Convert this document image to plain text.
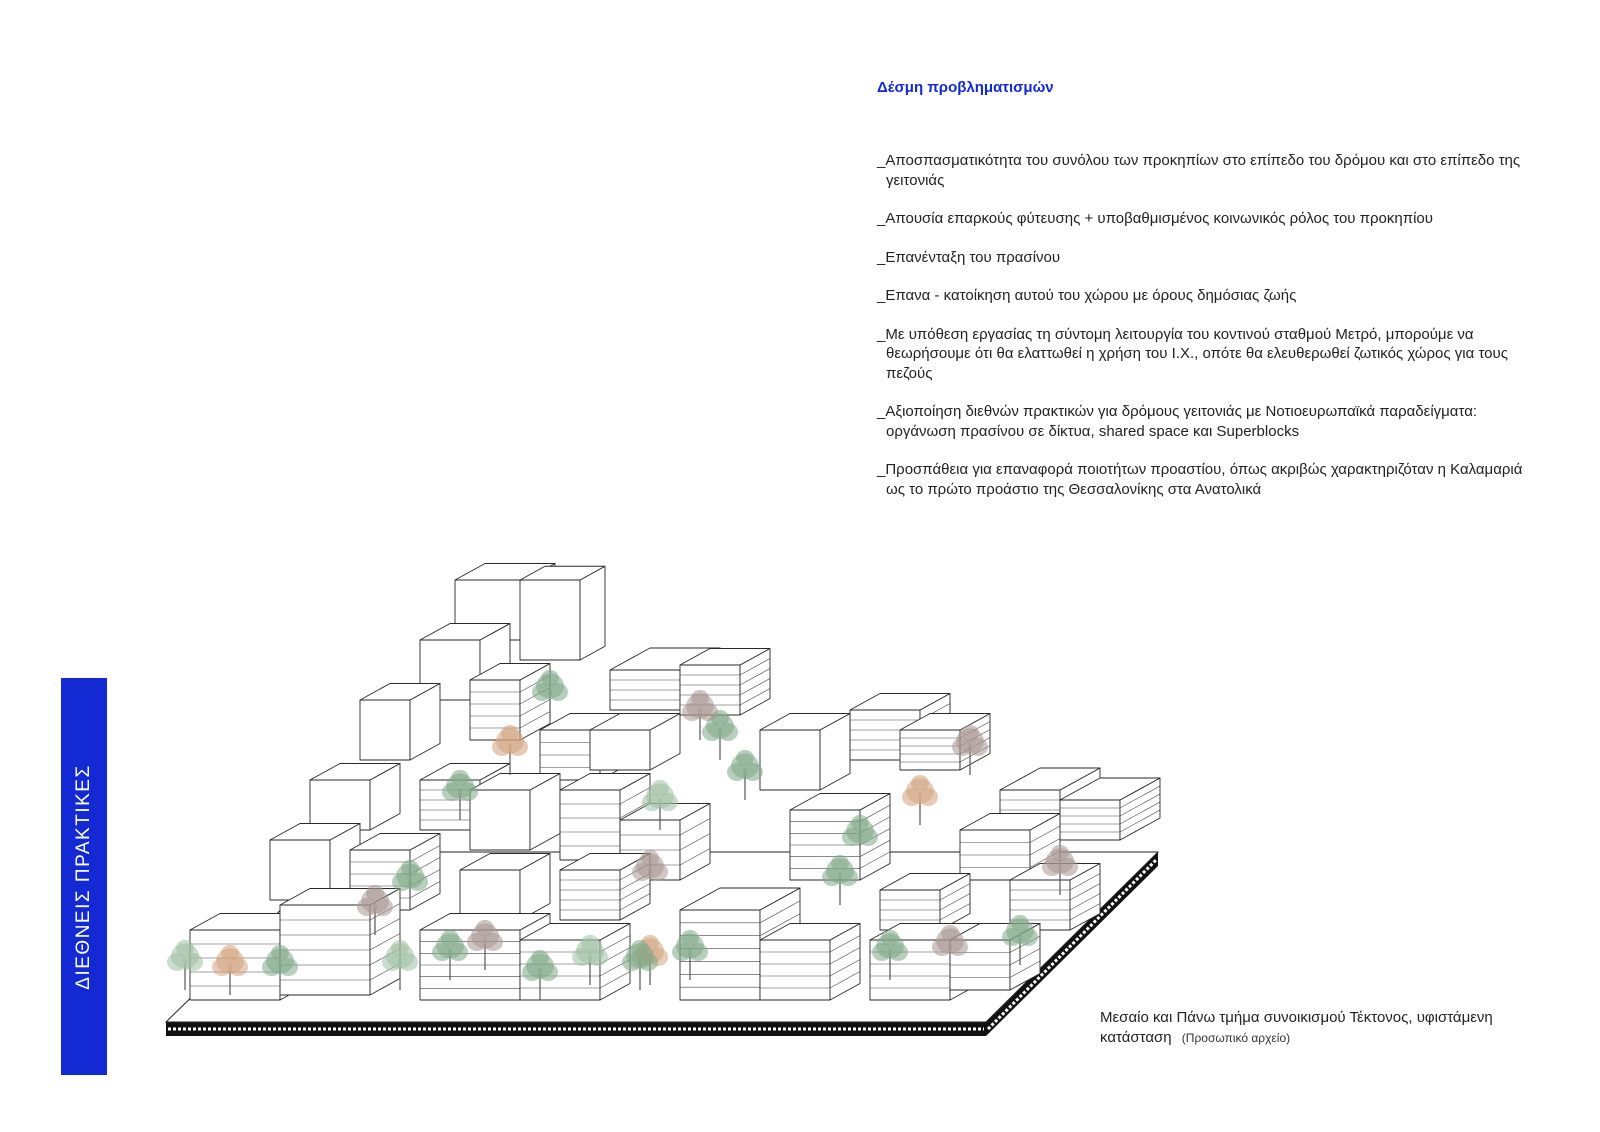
ΔΙΕΘΝΕΙΣ ΠΡΑΚΤΙΚΕΣ
Δέσμη προβληματισμών
_Αποσπασματικότητα του συνόλου των προκηπίων στο επίπεδο του δρόμου και στο επίπεδο της γειτονιάς
_Απουσία επαρκούς φύτευσης + υποβαθμισμένος κοινωνικός ρόλος του προκηπίου
_Επανένταξη του πρασίνου
_Επανα - κατοίκηση αυτού του χώρου με όρους δημόσιας ζωής
_Με υπόθεση εργασίας τη σύντομη λειτουργία του κοντινού σταθμού Μετρό, μπορούμε να θεωρήσουμε ότι θα ελαττωθεί η χρήση του Ι.Χ., οπότε θα ελευθερωθεί ζωτικός χώρος για τους πεζούς
_Αξιοποίηση διεθνών πρακτικών για δρόμους γειτονιάς με Νοτιοευρωπαϊκά παραδείγματα: οργάνωση πρασίνου σε δίκτυα, shared space και Superblocks
_Προσπάθεια για επαναφορά ποιοτήτων προαστίου, όπως ακριβώς χαρακτηριζόταν η Καλαμαριά ως το πρώτο προάστιο της Θεσσαλονίκης στα Ανατολικά
Μεσαίο και Πάνω τμήμα συνοικισμού Τέκτονος, υφιστάμενη κατάσταση (Προσωπικό αρχείο)
